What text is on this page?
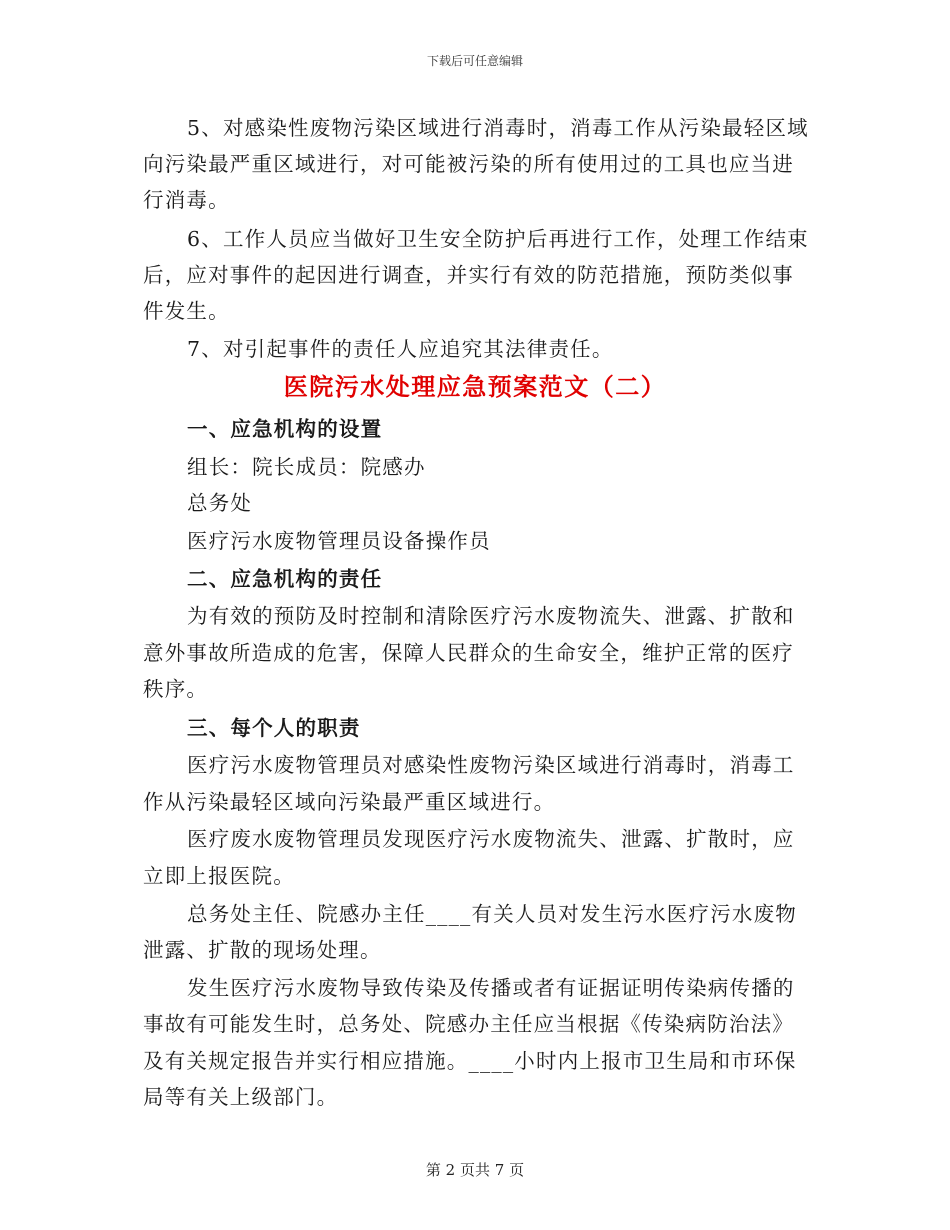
下载后可任意编辑
5、对感染性废物污染区域进行消毒时，消毒工作从污染最轻区域
向污染最严重区域进行，对可能被污染的所有使用过的工具也应当进
行消毒。
6、工作人员应当做好卫生安全防护后再进行工作，处理工作结束
后，应对事件的起因进行调查，并实行有效的防范措施，预防类似事
件发生。
7、对引起事件的责任人应追究其法律责任。
医院污水处理应急预案范文（二）
一、应急机构的设置
组长：院长成员：院感办
总务处
医疗污水废物管理员设备操作员
二、应急机构的责任
为有效的预防及时控制和清除医疗污水废物流失、泄露、扩散和
意外事故所造成的危害，保障人民群众的生命安全，维护正常的医疗
秩序。
三、每个人的职责
医疗污水废物管理员对感染性废物污染区域进行消毒时，消毒工
作从污染最轻区域向污染最严重区域进行。
医疗废水废物管理员发现医疗污水废物流失、泄露、扩散时，应
立即上报医院。
总务处主任、院感办主任____有关人员对发生污水医疗污水废物
泄露、扩散的现场处理。
发生医疗污水废物导致传染及传播或者有证据证明传染病传播的
事故有可能发生时，总务处、院感办主任应当根据《传染病防治法》
及有关规定报告并实行相应措施。____小时内上报市卫生局和市环保
局等有关上级部门。
第 2 页共 7 页
